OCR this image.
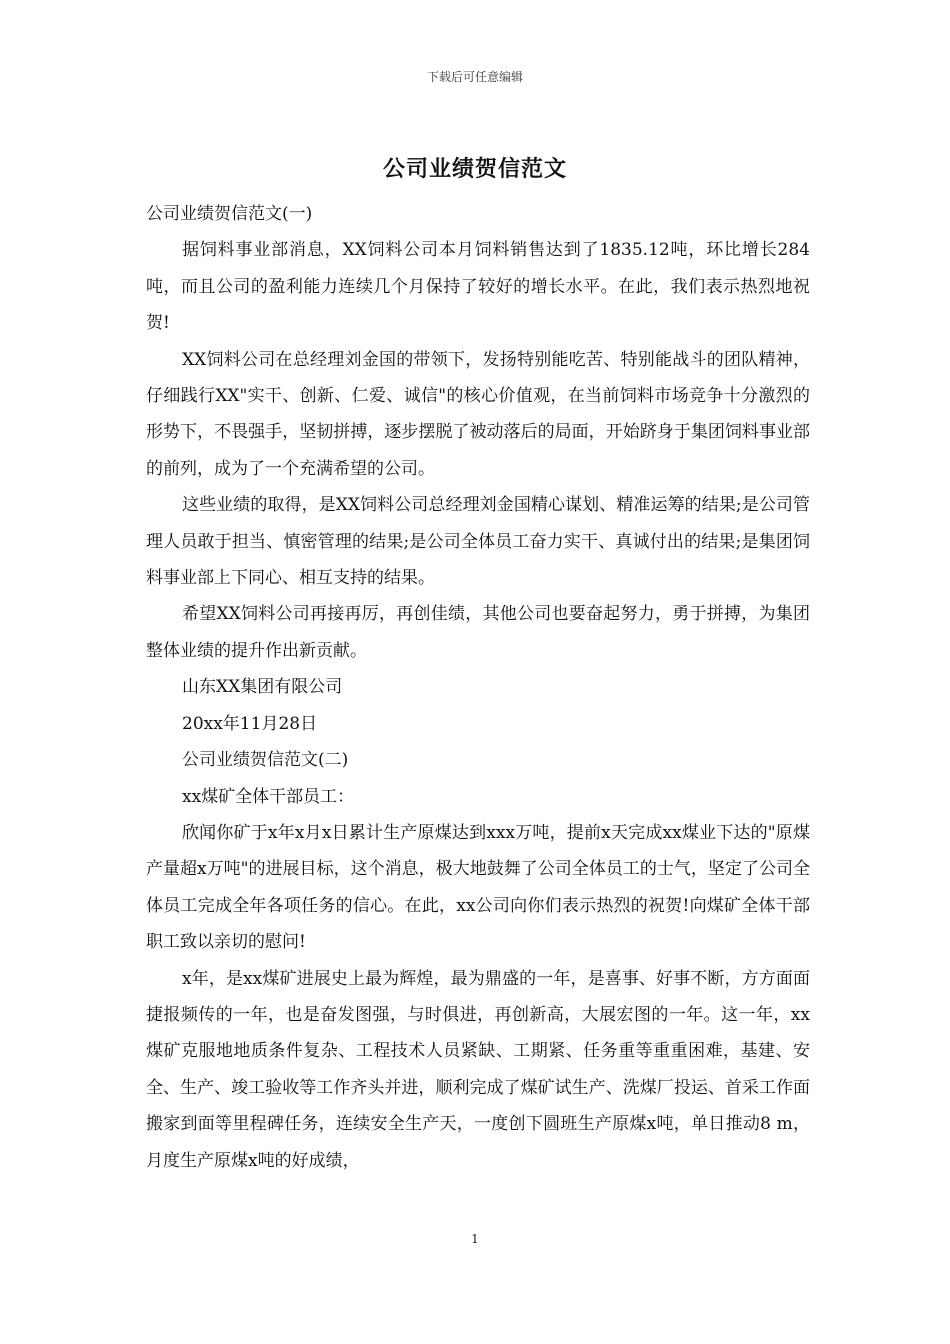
下载后可任意编辑
公司业绩贺信范文

公司业绩贺信范文(一)

据饲料事业部消息，XX饲料公司本月饲料销售达到了1835.12吨，环比增长284吨，而且公司的盈利能力连续几个月保持了较好的增长水平。在此，我们表示热烈地祝贺!

XX饲料公司在总经理刘金国的带领下，发扬特别能吃苦、特别能战斗的团队精神，仔细践行XX"实干、创新、仁爱、诚信"的核心价值观，在当前饲料市场竞争十分激烈的形势下，不畏强手，坚韧拼搏，逐步摆脱了被动落后的局面，开始跻身于集团饲料事业部的前列，成为了一个充满希望的公司。

这些业绩的取得，是XX饲料公司总经理刘金国精心谋划、精准运筹的结果;是公司管理人员敢于担当、慎密管理的结果;是公司全体员工奋力实干、真诚付出的结果;是集团饲料事业部上下同心、相互支持的结果。

希望XX饲料公司再接再厉，再创佳绩，其他公司也要奋起努力，勇于拼搏，为集团整体业绩的提升作出新贡献。

山东XX集团有限公司

20xx年11月28日

公司业绩贺信范文(二)

xx煤矿全体干部员工：

欣闻你矿于x年x月x日累计生产原煤达到xxx万吨，提前x天完成xx煤业下达的"原煤产量超x万吨"的进展目标，这个消息，极大地鼓舞了公司全体员工的士气，坚定了公司全体员工完成全年各项任务的信心。在此，xx公司向你们表示热烈的祝贺!向煤矿全体干部职工致以亲切的慰问!

x年，是xx煤矿进展史上最为辉煌，最为鼎盛的一年，是喜事、好事不断，方方面面捷报频传的一年，也是奋发图强，与时俱进，再创新高，大展宏图的一年。这一年，xx煤矿克服地地质条件复杂、工程技术人员紧缺、工期紧、任务重等重重困难，基建、安全、生产、竣工验收等工作齐头并进，顺利完成了煤矿试生产、洗煤厂投运、首采工作面搬家到面等里程碑任务，连续安全生产天，一度创下圆班生产原煤x吨，单日推动8 m，月度生产原煤x吨的好成绩，

1
